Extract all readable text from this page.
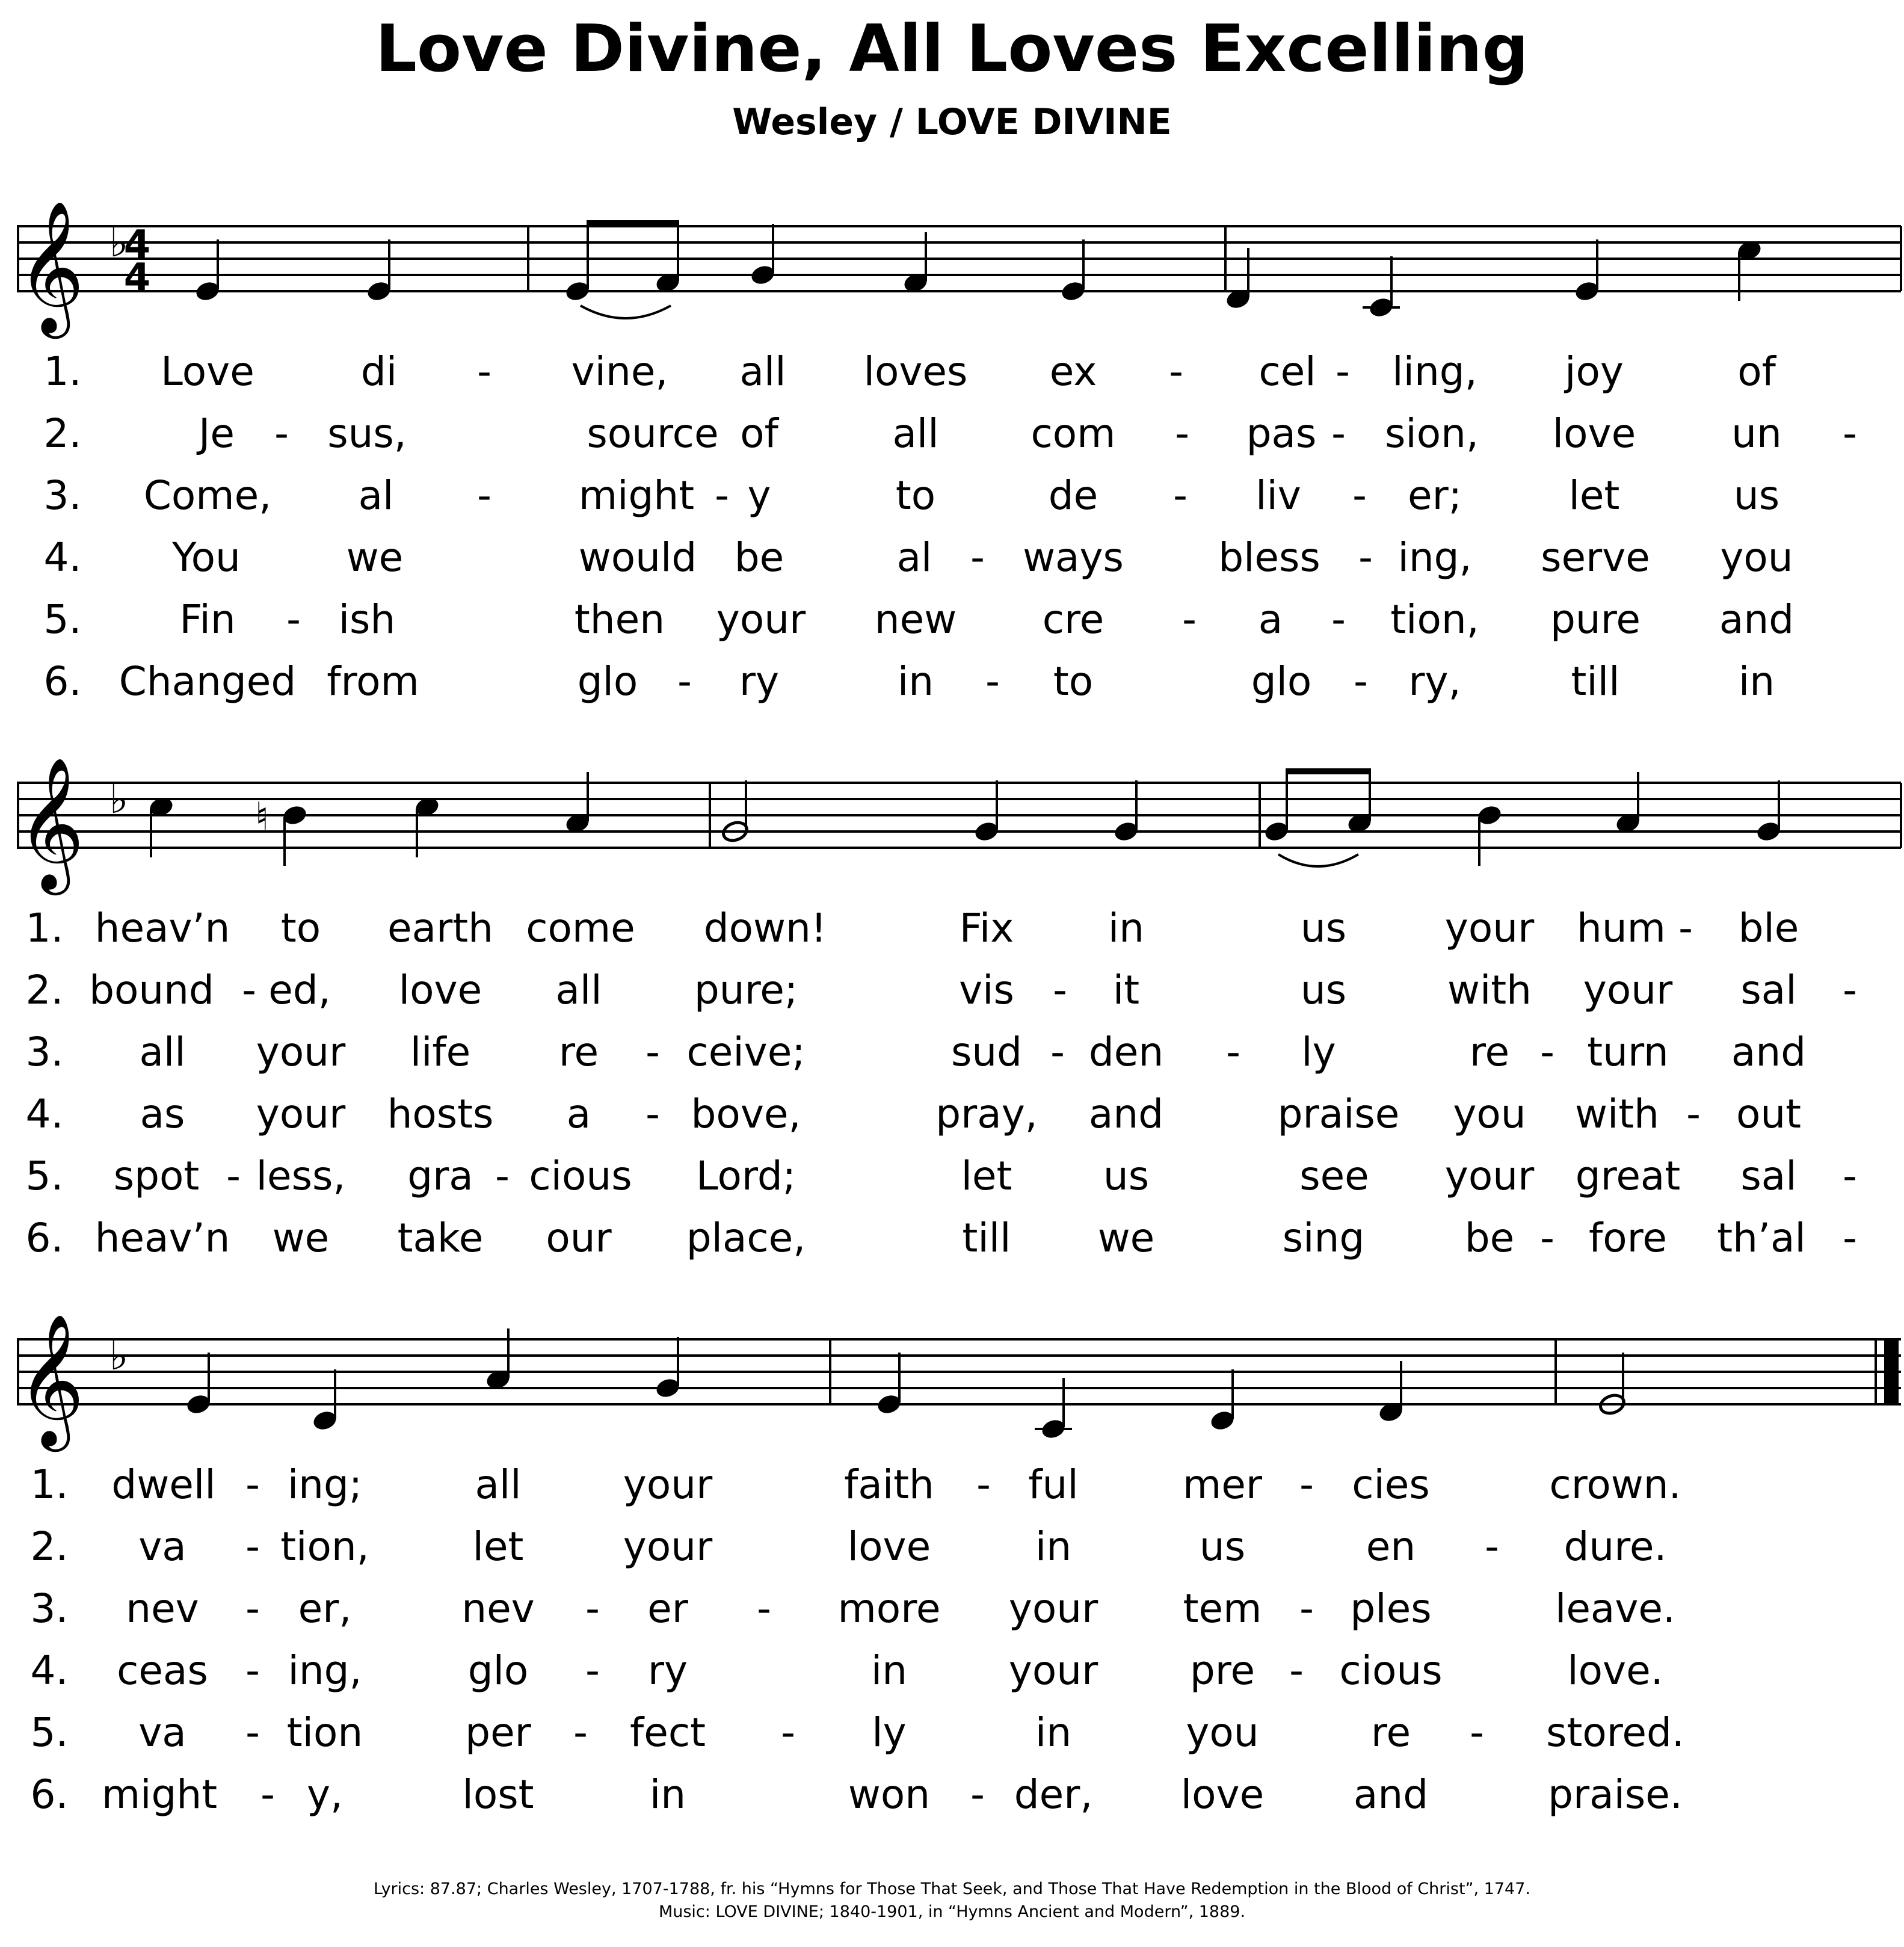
Love Divine, All Loves Excelling
Wesley / LOVE DIVINE
𝄞 ♭
4
4
1.
2.
3.
4.
5.
6.
Love	di - vine, all loves ex - cel - ling, joy	of
Je - sus,	source of	all com - pas - sion, love un -
Come, al - might - y	to	de - liv - er;	let	us
You	we	would be	al - ways bless - ing, serve you
Fin - ish	then your new cre - a - tion, pure and
Changed from	glo - ry	in - to	glo - ry,	till	in
𝄞 ♭	♮
1.
2.
3.
4.
5.
6.
heav’n to earth come down!	Fix in	us your hum - ble
bound - ed, love all pure;	vis - it	us	with your sal -
all your life re - ceive;	sud - den - ly	re - turn and
as your hosts a - bove,	pray, and	praise you with - out
spot - less, gra - cious Lord;	let us	see your great sal -
heav’n we take our place,	till we	sing	be - fore th’al -
𝄞 ♭
1.
2.
3.
4.
5.
6.
dwell - ing;	all	your	faith - ful	mer - cies	crown.
va - tion,	let	your	love	in	us	en - dure.
nev - er,	nev - er - more your tem - ples	leave.
ceas - ing,	glo - ry	in	your pre - cious	love.
va - tion	per - fect - ly	in	you	re - stored.
might - y,	lost	in	won - der, love and	praise.
Lyrics: 87.87; Charles Wesley, 1707-1788, fr. his “Hymns for Those That Seek, and Those That Have Redemption in the Blood of Christ”, 1747.
Music: LOVE DIVINE; 1840-1901, in “Hymns Ancient and Modern”, 1889.
